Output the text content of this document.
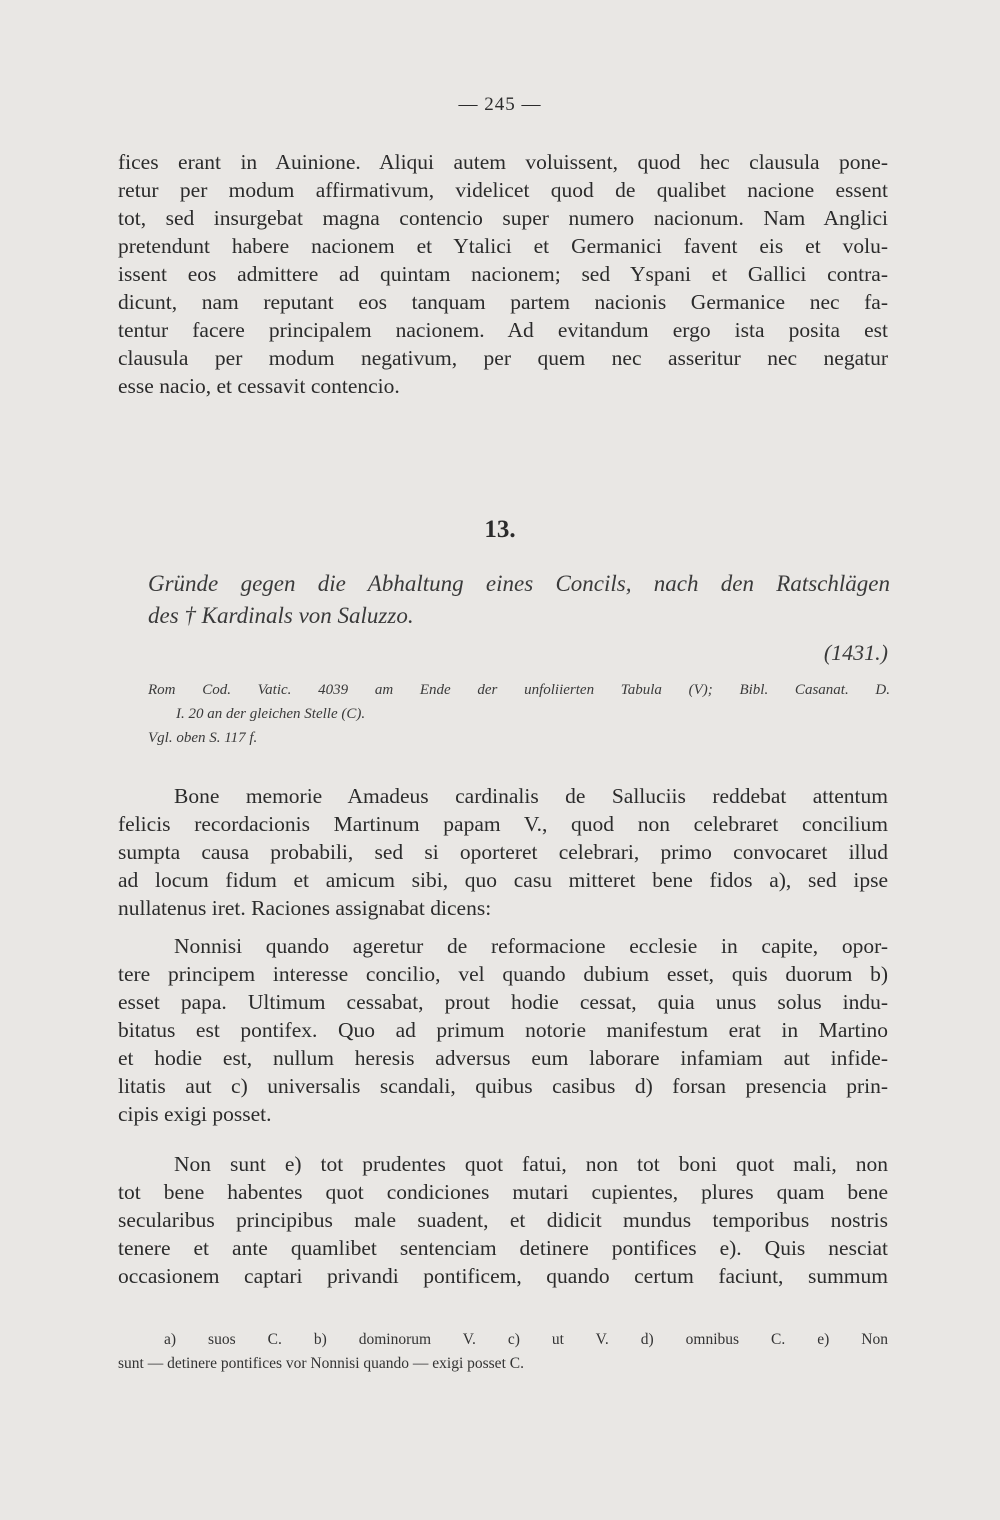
— 245 —
fices erant in Auinione. Aliqui autem voluissent, quod hec clausula pone-
retur per modum affirmativum, videlicet quod de qualibet nacione essent
tot, sed insurgebat magna contencio super numero nacionum. Nam Anglici
pretendunt habere nacionem et Ytalici et Germanici favent eis et volu-
issent eos admittere ad quintam nacionem; sed Yspani et Gallici contra-
dicunt, nam reputant eos tanquam partem nacionis Germanice nec fa-
tentur facere principalem nacionem. Ad evitandum ergo ista posita est
clausula per modum negativum, per quem nec asseritur nec negatur
esse nacio, et cessavit contencio.
13.
Gründe gegen die Abhaltung eines Concils, nach den Ratschlägen
des † Kardinals von Saluzzo.
(1431.)
Rom Cod. Vatic. 4039 am Ende der unfoliierten Tabula (V); Bibl. Casanat. D.
I. 20 an der gleichen Stelle (C).
Vgl. oben S. 117 f.
Bone memorie Amadeus cardinalis de Salluciis reddebat attentum
felicis recordacionis Martinum papam V., quod non celebraret concilium
sumpta causa probabili, sed si oporteret celebrari, primo convocaret illud
ad locum fidum et amicum sibi, quo casu mitteret bene fidos a), sed ipse
nullatenus iret. Raciones assignabat dicens:
Nonnisi quando ageretur de reformacione ecclesie in capite, opor-
tere principem interesse concilio, vel quando dubium esset, quis duorum b)
esset papa. Ultimum cessabat, prout hodie cessat, quia unus solus indu-
bitatus est pontifex. Quo ad primum notorie manifestum erat in Martino
et hodie est, nullum heresis adversus eum laborare infamiam aut infide-
litatis aut c) universalis scandali, quibus casibus d) forsan presencia prin-
cipis exigi posset.
Non sunt e) tot prudentes quot fatui, non tot boni quot mali, non
tot bene habentes quot condiciones mutari cupientes, plures quam bene
secularibus principibus male suadent, et didicit mundus temporibus nostris
tenere et ante quamlibet sentenciam detinere pontifices e). Quis nesciat
occasionem captari privandi pontificem, quando certum faciunt, summum
a) suos C. b) dominorum V. c) ut V. d) omnibus C. e) Non
sunt — detinere pontifices vor Nonnisi quando — exigi posset C.
